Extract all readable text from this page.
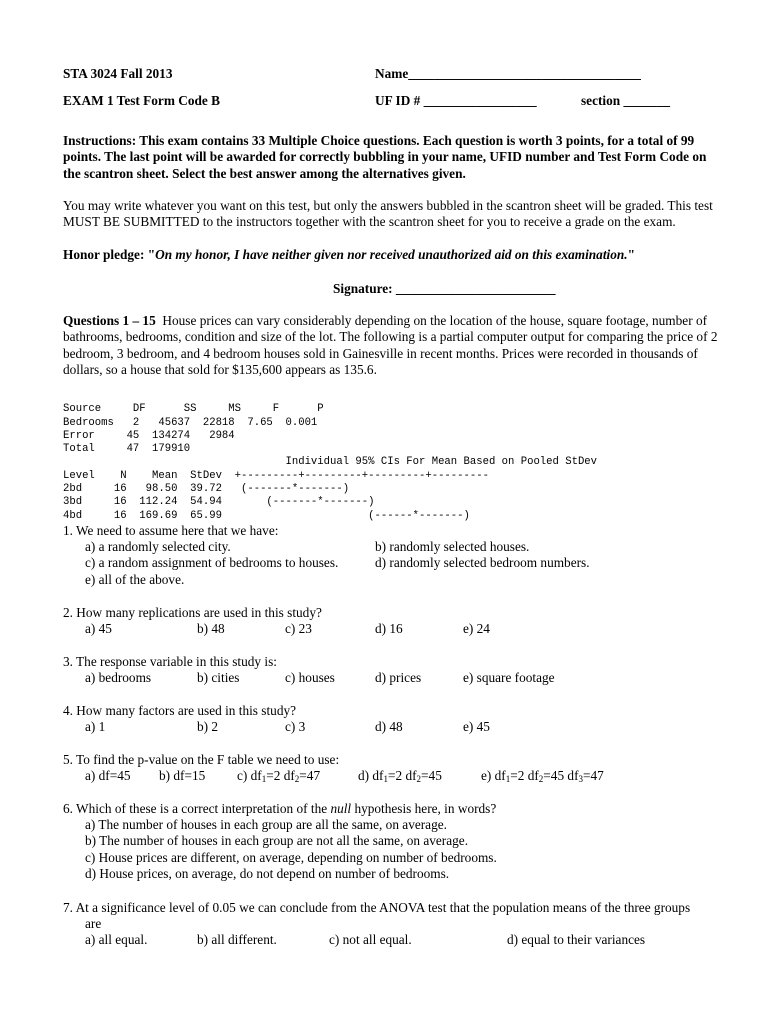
STA 3024 Fall 2013	Name___________________________________
EXAM 1 Test Form Code B	UF ID # _________________	section _______
Instructions: This exam contains 33 Multiple Choice questions. Each question is worth 3 points, for a total of 99 points. The last point will be awarded for correctly bubbling in your name, UFID number and Test Form Code on the scantron sheet. Select the best answer among the alternatives given.
You may write whatever you want on this test, but only the answers bubbled in the scantron sheet will be graded. This test MUST BE SUBMITTED to the instructors together with the scantron sheet for you to receive a grade on the exam.
Honor pledge: "On my honor, I have neither given nor received unauthorized aid on this examination."
Signature: ________________________
Questions 1 – 15 House prices can vary considerably depending on the location of the house, square footage, number of bathrooms, bedrooms, condition and size of the lot. The following is a partial computer output for comparing the price of 2 bedroom, 3 bedroom, and 4 bedroom houses sold in Gainesville in recent months. Prices were recorded in thousands of dollars, so a house that sold for $135,600 appears as 135.6.

Source     DF      SS     MS     F      P
Bedrooms   2   45637  22818  7.65  0.001
Error     45  134274   2984
Total     47  179910
Individual 95% CIs For Mean Based on Pooled StDev
Level    N    Mean  StDev  +---------+---------+---------+---------
2bd     16   98.50  39.72   (-------*-------)
3bd     16  112.24  54.94       (-------*-------)
4bd     16  169.69  65.99                       (------*-------)

1. We need to assume here that we have:
a) a randomly selected city.	b) randomly selected houses.
c) a random assignment of bedrooms to houses.	d) randomly selected bedroom numbers.
e) all of the above.
2. How many replications are used in this study?
a) 45	b) 48	c) 23	d) 16	e) 24
3. The response variable in this study is:
a) bedrooms	b) cities	c) houses	d) prices	e) square footage
4. How many factors are used in this study?
a) 1	b) 2	c) 3	d) 48	e) 45
5. To find the p-value on the F table we need to use:
a) df=45 b) df=15 c) $df_1=2$ $df_2=47$	d) $df_1=2$ $df_2=45$	e) $df_1=2$ $df_2=45$ $df_3=47$
6. Which of these is a correct interpretation of the null hypothesis here, in words?
a) The number of houses in each group are all the same, on average.
b) The number of houses in each group are not all the same, on average.
c) House prices are different, on average, depending on number of bedrooms.
d) House prices, on average, do not depend on number of bedrooms.
7. At a significance level of 0.05 we can conclude from the ANOVA test that the population means of the three groups
are
a) all equal.	b) all different.	c) not all equal.	d) equal to their variances
